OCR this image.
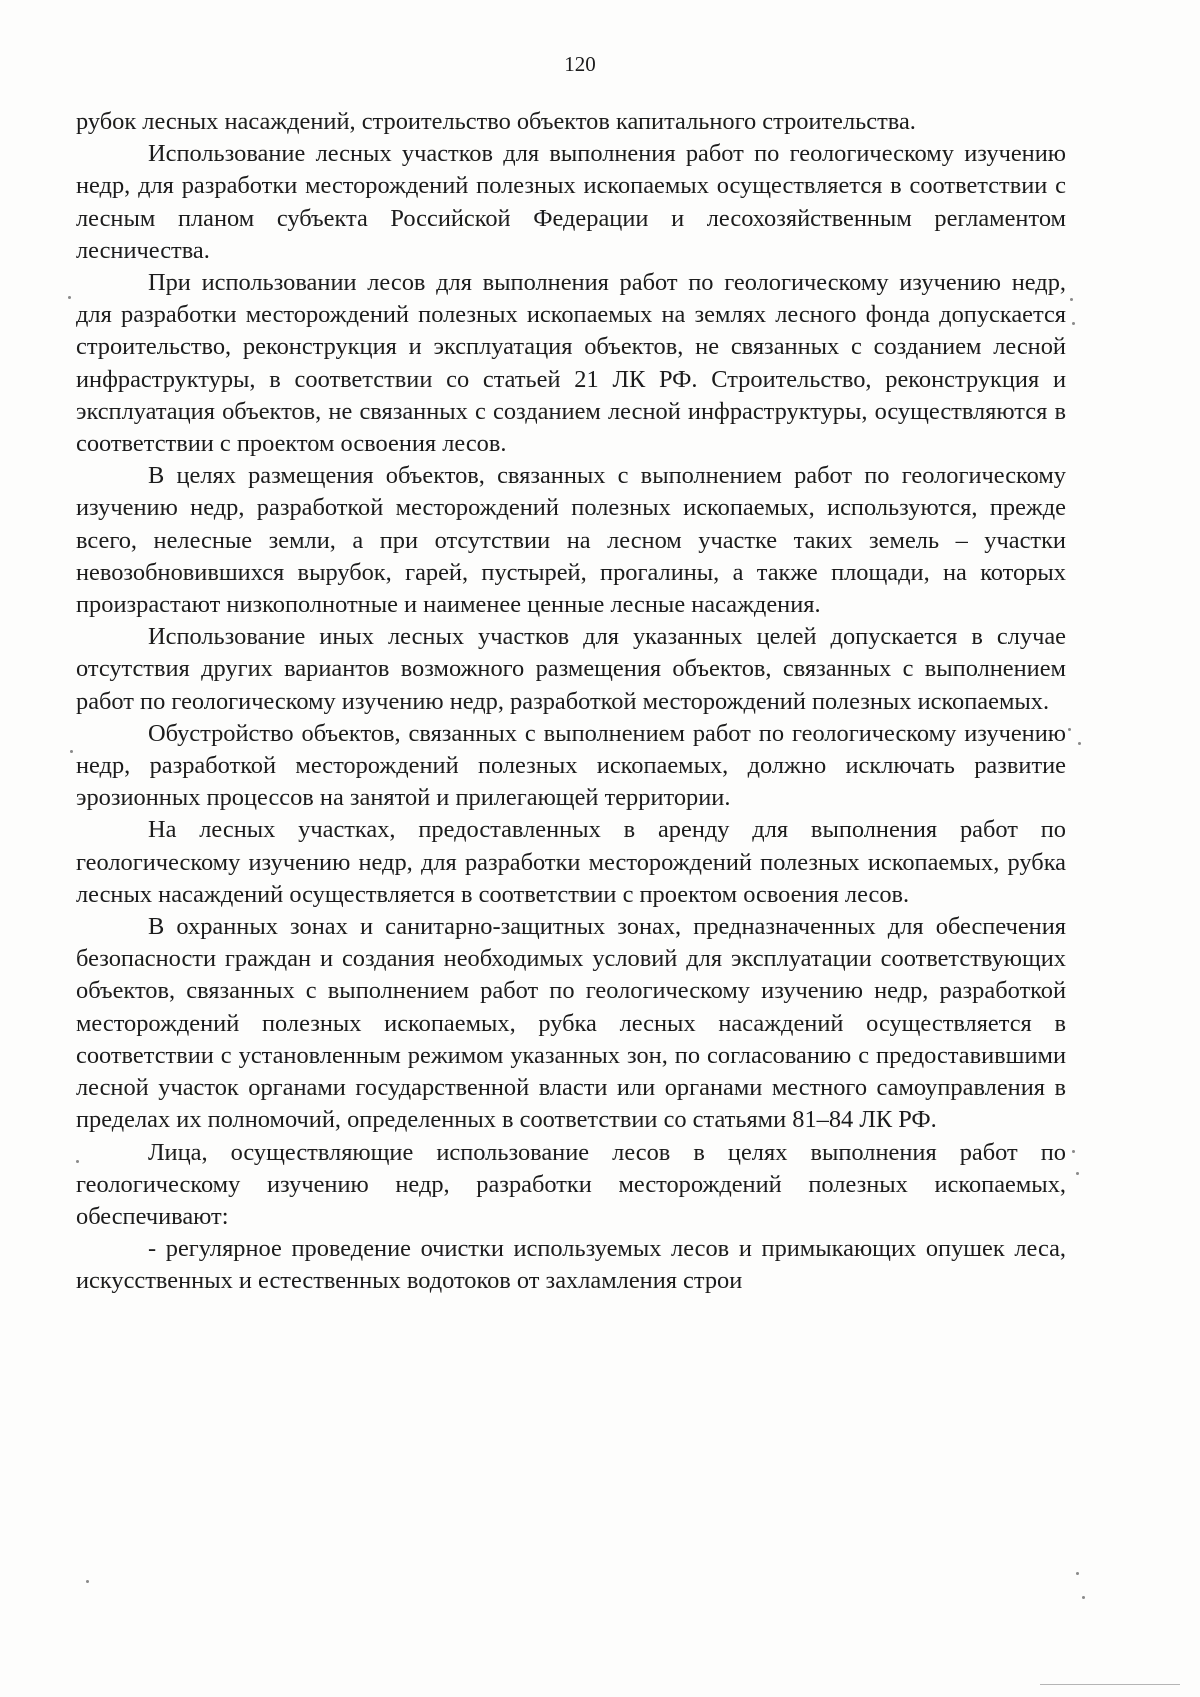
120

рубок лесных насаждений, строительство объектов капитального строительства.

Использование лесных участков для выполнения работ по геологическому изучению недр, для разработки месторождений полезных ископаемых осуществляется в соответствии с лесным планом субъекта Российской Федерации и лесохозяйственным регламентом лесничества.

При использовании лесов для выполнения работ по геологическому изучению недр, для разработки месторождений полезных ископаемых на землях лесного фонда допускается строительство, реконструкция и эксплуатация объектов, не связанных с созданием лесной инфраструктуры, в соответствии со статьей 21 ЛК РФ. Строительство, реконструкция и эксплуатация объектов, не связанных с созданием лесной инфраструктуры, осуществляются в соответствии с проектом освоения лесов.

В целях размещения объектов, связанных с выполнением работ по геологическому изучению недр, разработкой месторождений полезных ископаемых, используются, прежде всего, нелесные земли, а при отсутствии на лесном участке таких земель – участки невозобновившихся вырубок, гарей, пустырей, прогалины, а также площади, на которых произрастают низкополнотные и наименее ценные лесные насаждения.

Использование иных лесных участков для указанных целей допускается в случае отсутствия других вариантов возможного размещения объектов, связанных с выполнением работ по геологическому изучению недр, разработкой месторождений полезных ископаемых.

Обустройство объектов, связанных с выполнением работ по геологическому изучению недр, разработкой месторождений полезных ископаемых, должно исключать развитие эрозионных процессов на занятой и прилегающей территории.

На лесных участках, предоставленных в аренду для выполнения работ по геологическому изучению недр, для разработки месторождений полезных ископаемых, рубка лесных насаждений осуществляется в соответствии с проектом освоения лесов.

В охранных зонах и санитарно-защитных зонах, предназначенных для обеспечения безопасности граждан и создания необходимых условий для эксплуатации соответствующих объектов, связанных с выполнением работ по геологическому изучению недр, разработкой месторождений полезных ископаемых, рубка лесных насаждений осуществляется в соответствии с установленным режимом указанных зон, по согласованию с предоставившими лесной участок органами государственной власти или органами местного самоуправления в пределах их полномочий, определенных в соответствии со статьями 81–84 ЛК РФ.

Лица, осуществляющие использование лесов в целях выполнения работ по геологическому изучению недр, разработки месторождений полезных ископаемых, обеспечивают:

- регулярное проведение очистки используемых лесов и примыкающих опушек леса, искусственных и естественных водотоков от захламления строи
